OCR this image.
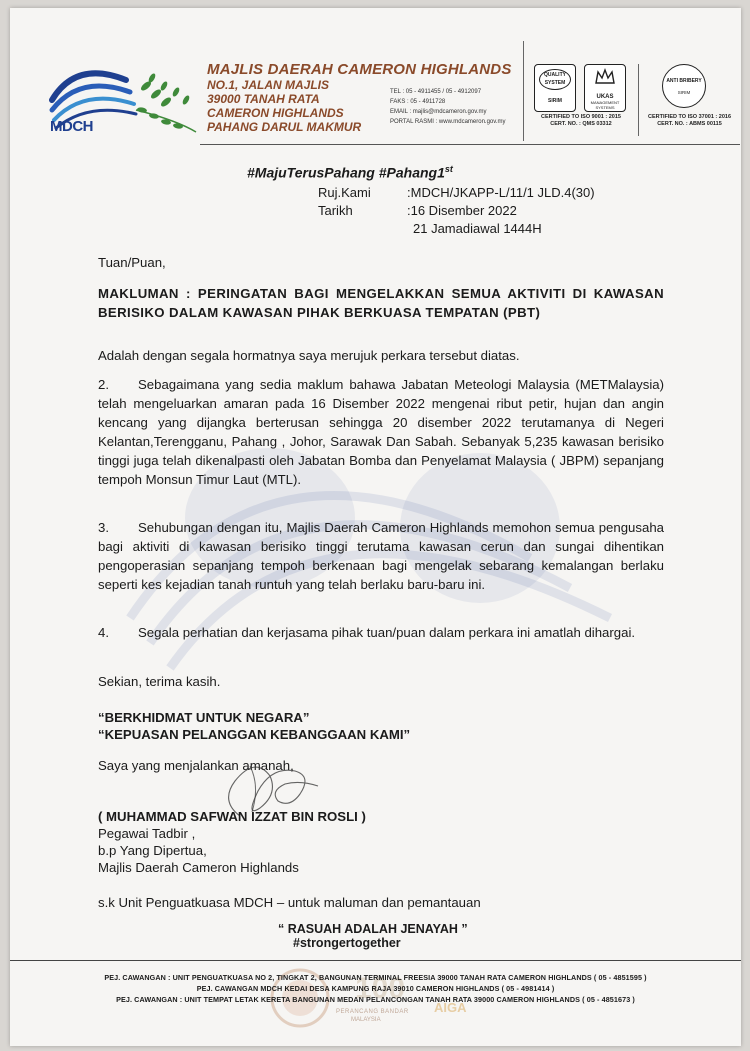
MDCH
MAJLIS DAERAH CAMERON HIGHLANDS
NO.1, JALAN MAJLIS
39000 TANAH RATA
CAMERON HIGHLANDS
PAHANG DARUL MAKMUR
TEL : 05 - 4911455 / 05 - 4912097
FAKS : 05 - 4911728
EMAIL : majlis@mdcameron.gov.my
PORTAL RASMI : www.mdcameron.gov.my
QUALITY SYSTEM
SIRIM
UKAS
MANAGEMENT SYSTEMS
CERTIFIED TO ISO 9001 : 2015
CERT. NO. : QMS 03312
ANTI BRIBERY
SIRIM
CERTIFIED TO ISO 37001 : 2016
CERT. NO. : ABMS 00115
#MajuTerusPahang #Pahang1st
Ruj.Kami	:MDCH/JKAPP-L/11/1 JLD.4(30)
Tarikh	:16 Disember 2022
21 Jamadiawal 1444H
Tuan/Puan,
MAKLUMAN : PERINGATAN BAGI MENGELAKKAN SEMUA AKTIVITI DI KAWASAN BERISIKO DALAM KAWASAN PIHAK BERKUASA TEMPATAN (PBT)
Adalah dengan segala hormatnya saya merujuk perkara tersebut diatas.
2. Sebagaimana yang sedia maklum bahawa Jabatan Meteologi Malaysia (METMalaysia) telah mengeluarkan amaran pada 16 Disember 2022 mengenai ribut petir, hujan dan angin kencang yang dijangka berterusan sehingga 20 disember 2022 terutamanya di Negeri Kelantan,Terengganu, Pahang , Johor, Sarawak Dan Sabah. Sebanyak 5,235 kawasan berisiko tinggi juga telah dikenalpasti oleh Jabatan Bomba dan Penyelamat Malaysia ( JBPM) sepanjang tempoh Monsun Timur Laut (MTL).
3. Sehubungan dengan itu, Majlis Daerah Cameron Highlands memohon semua pengusaha bagi aktiviti di kawasan berisiko tinggi terutama kawasan cerun dan sungai dihentikan pengoperasian sepanjang tempoh berkenaan bagi mengelak sebarang kemalangan berlaku seperti kes kejadian tanah runtuh yang telah berlaku baru-baru ini.
4. Segala perhatian dan kerjasama pihak tuan/puan dalam perkara ini amatlah dihargai.
Sekian, terima kasih.
“BERKHIDMAT UNTUK NEGARA”
“KEPUASAN PELANGGAN KEBANGGAAN KAMI”
Saya yang menjalankan amanah,
( MUHAMMAD SAFWAN IZZAT BIN ROSLI )
Pegawai Tadbir ,
b.p Yang Dipertua,
Majlis Daerah Cameron Highlands
s.k Unit Penguatkuasa MDCH – untuk maluman dan pemantauan
“ RASUAH ADALAH JENAYAH ”
#strongertogether
100
PERANCANG BANDAR
MALAYSIA
AIGA
PEJ. CAWANGAN : UNIT PENGUATKUASA NO 2, TINGKAT 2, BANGUNAN TERMINAL FREESIA 39000 TANAH RATA CAMERON HIGHLANDS ( 05 - 4851595 )
PEJ. CAWANGAN MDCH KEDAI DESA KAMPUNG RAJA 39010 CAMERON HIGHLANDS ( 05 - 4981414 )
PEJ. CAWANGAN : UNIT TEMPAT LETAK KERETA BANGUNAN MEDAN PELANCONGAN TANAH RATA 39000 CAMERON HIGHLANDS ( 05 - 4851673 )
